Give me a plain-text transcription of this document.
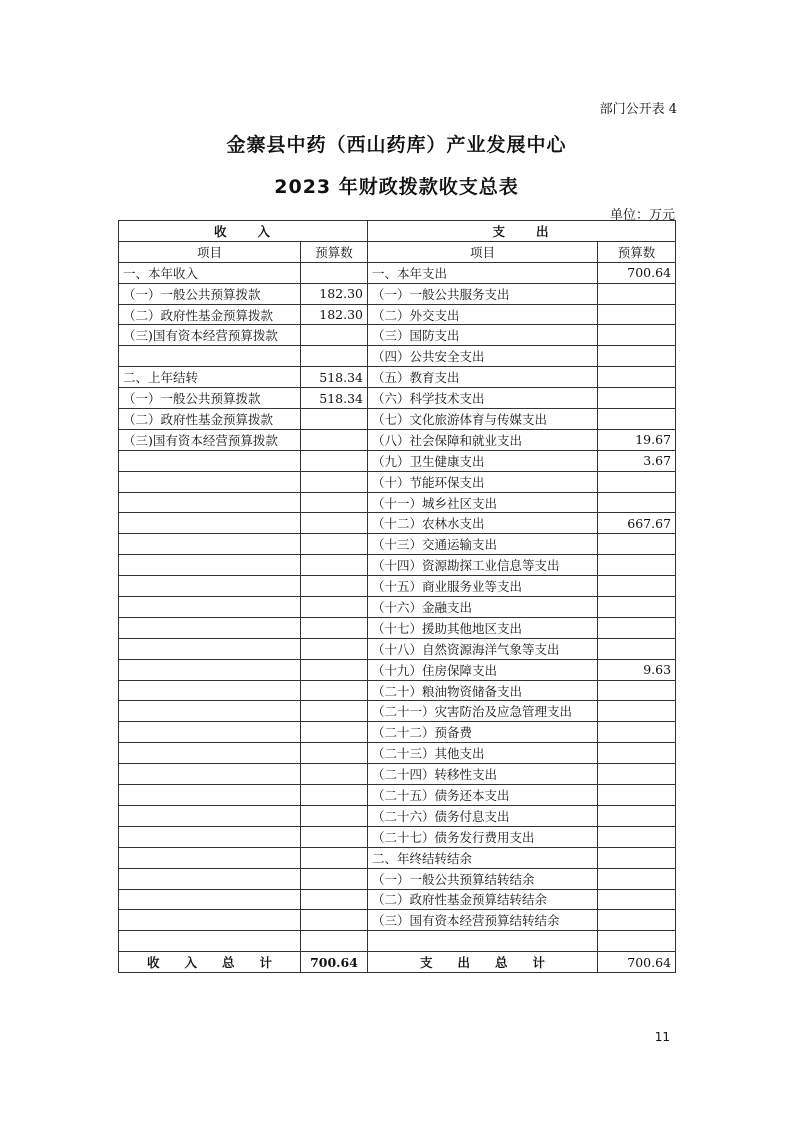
部门公开表 4
金寨县中药（西山药库）产业发展中心
2023 年财政拨款收支总表
单位：万元
收　　入		支　　出	
项目	预算数	项目	预算数
一、本年收入		一、本年支出	700.64
（一）一般公共预算拨款	182.30	（一）一般公共服务支出	
（二）政府性基金预算拨款	182.30	（二）外交支出	
（三)国有资本经营预算拨款		（三）国防支出	
		（四）公共安全支出	
二、上年结转	518.34	（五）教育支出	
（一）一般公共预算拨款	518.34	（六）科学技术支出	
（二）政府性基金预算拨款		（七）文化旅游体育与传媒支出	
（三)国有资本经营预算拨款		（八）社会保障和就业支出	19.67
		（九）卫生健康支出	3.67
		（十）节能环保支出	
		（十一）城乡社区支出	
		（十二）农林水支出	667.67
		（十三）交通运输支出	
		（十四）资源勘探工业信息等支出	
		（十五）商业服务业等支出	
		（十六）金融支出	
		（十七）援助其他地区支出	
		（十八）自然资源海洋气象等支出	
		（十九）住房保障支出	9.63
		（二十）粮油物资储备支出	
		（二十一）灾害防治及应急管理支出	
		（二十二）预备费	
		（二十三）其他支出	
		（二十四）转移性支出	
		（二十五）债务还本支出	
		（二十六）债务付息支出	
		（二十七）债务发行费用支出	
		二、年终结转结余	
		（一）一般公共预算结转结余	
		（二）政府性基金预算结转结余	
		（三）国有资本经营预算结转结余	

收　　入　　总　　计	700.64	支　　出　　总　　计	700.64
11
